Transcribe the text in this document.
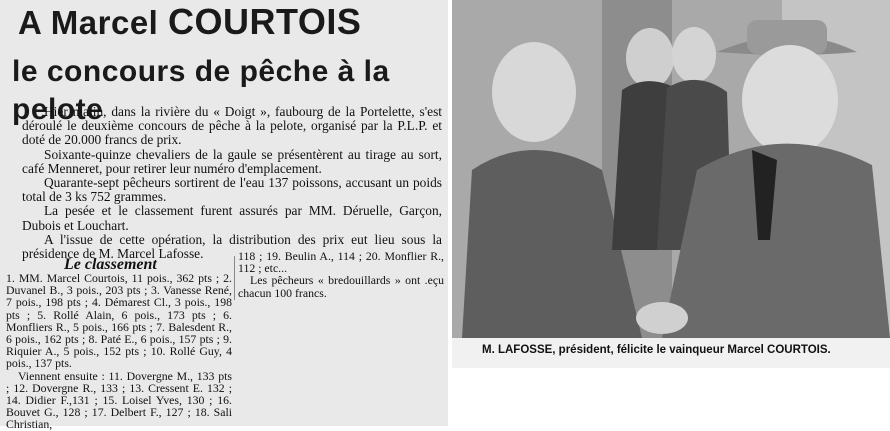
A Marcel COURTOIS
le concours de pêche à la pelote

Hier matin, dans la rivière du « Doigt », faubourg de la Portelette, s'est déroulé le deuxième concours de pêche à la pelote, organisé par la P.L.P. et doté de 20.000 francs de prix.

Soixante-quinze chevaliers de la gaule se présentèrent au tirage au sort, café Menneret, pour retirer leur numéro d'emplacement.

Quarante-sept pêcheurs sortirent de l'eau 137 poissons, accusant un poids total de 3 ks 752 grammes.

La pesée et le classement furent assurés par MM. Déruelle, Garçon, Dubois et Louchart.

A l'issue de cette opération, la distribution des prix eut lieu sous la présidence de M. Marcel Lafosse.

Le classement

1. MM. Marcel Courtois, 11 pois., 362 pts ; 2. Duvanel B., 3 pois., 203 pts ; 3. Vanesse René, 7 pois., 198 pts ; 4. Démarest Cl., 3 pois., 198 pts ; 5. Rollé Alain, 6 pois., 173 pts ; 6. Monfliers R., 5 pois., 166 pts ; 7. Balesdent R., 6 pois., 162 pts ; 8. Paté E., 6 pois., 157 pts ; 9. Riquier A., 5 pois., 152 pts ; 10. Rollé Guy, 4 pois., 137 pts.

Viennent ensuite : 11. Dovergne M., 133 pts ; 12. Dovergne R., 133 ; 13. Cressent E. 132 ; 14. Didier F.,131 ; 15. Loisel Yves, 130 ; 16. Bouvet G., 128 ; 17. Delbert F., 127 ; 18. Sali Christian,

118 ; 19. Beulin A., 114 ; 20. Monflier R., 112 ; etc...

Les pêcheurs « bredouillards » ont .eçu chacun 100 francs.

M. LAFOSSE, président, félicite le vainqueur Marcel COURTOIS.
